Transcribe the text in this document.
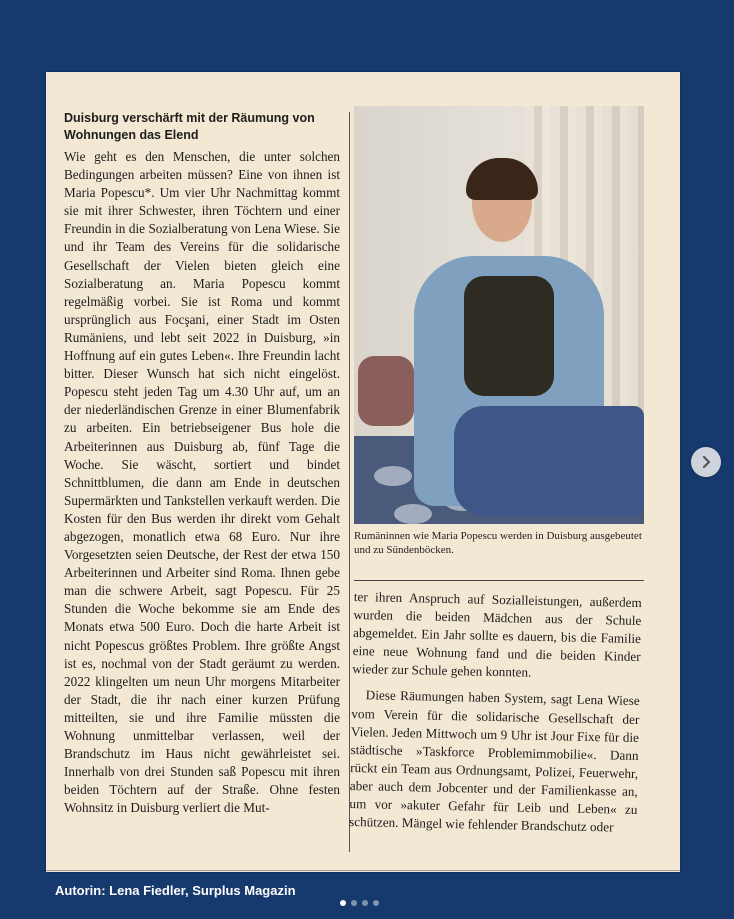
Duisburg verschärft mit der Räumung von Wohnungen das Elend

Wie geht es den Menschen, die unter solchen Bedingungen arbeiten müssen? Eine von ihnen ist Maria Popescu*. Um vier Uhr Nachmittag kommt sie mit ihrer Schwester, ihren Töchtern und einer Freundin in die Sozialberatung von Lena Wiese. Sie und ihr Team des Vereins für die solidarische Gesellschaft der Vielen bieten gleich eine Sozialberatung an. Maria Popescu kommt regelmäßig vorbei. Sie ist Roma und kommt ursprünglich aus Focşani, einer Stadt im Osten Rumäniens, und lebt seit 2022 in Duisburg, »in Hoffnung auf ein gutes Leben«. Ihre Freundin lacht bitter. Dieser Wunsch hat sich nicht eingelöst. Popescu steht jeden Tag um 4.30 Uhr auf, um an der niederländischen Grenze in einer Blumenfabrik zu arbeiten. Ein betriebseigener Bus hole die Arbeiterinnen aus Duisburg ab, fünf Tage die Woche. Sie wäscht, sortiert und bindet Schnittblumen, die dann am Ende in deutschen Supermärkten und Tankstellen verkauft werden. Die Kosten für den Bus werden ihr direkt vom Gehalt abgezogen, monatlich etwa 68 Euro. Nur ihre Vorgesetzten seien Deutsche, der Rest der etwa 150 Arbeiterinnen und Arbeiter sind Roma. Ihnen gebe man die schwere Arbeit, sagt Popescu. Für 25 Stunden die Woche bekomme sie am Ende des Monats etwa 500 Euro. Doch die harte Arbeit ist nicht Popescus größtes Problem. Ihre größte Angst ist es, nochmal von der Stadt geräumt zu werden. 2022 klingelten um neun Uhr morgens Mitarbeiter der Stadt, die ihr nach einer kurzen Prüfung mitteilten, sie und ihre Familie müssten die Wohnung unmittelbar verlassen, weil der Brandschutz im Haus nicht gewährleistet sei. Innerhalb von drei Stunden saß Popescu mit ihren beiden Töchtern auf der Straße. Ohne festen Wohnsitz in Duisburg verliert die Mut-

Rumäninnen wie Maria Popescu werden in Duisburg ausgebeutet und zu Sündenböcken.

ter ihren Anspruch auf Sozialleistungen, außerdem wurden die beiden Mädchen aus der Schule abgemeldet. Ein Jahr sollte es dauern, bis die Familie eine neue Wohnung fand und die beiden Kinder wieder zur Schule gehen konnten.

Diese Räumungen haben System, sagt Lena Wiese vom Verein für die solidarische Gesellschaft der Vielen. Jeden Mittwoch um 9 Uhr ist Jour Fixe für die städtische »Taskforce Problemimmobilie«. Dann rückt ein Team aus Ordnungsamt, Polizei, Feuerwehr, aber auch dem Jobcenter und der Familienkasse an, um vor »akuter Gefahr für Leib und Leben« zu schützen. Mängel wie fehlender Brandschutz oder

Autorin: Lena Fiedler, Surplus Magazin
